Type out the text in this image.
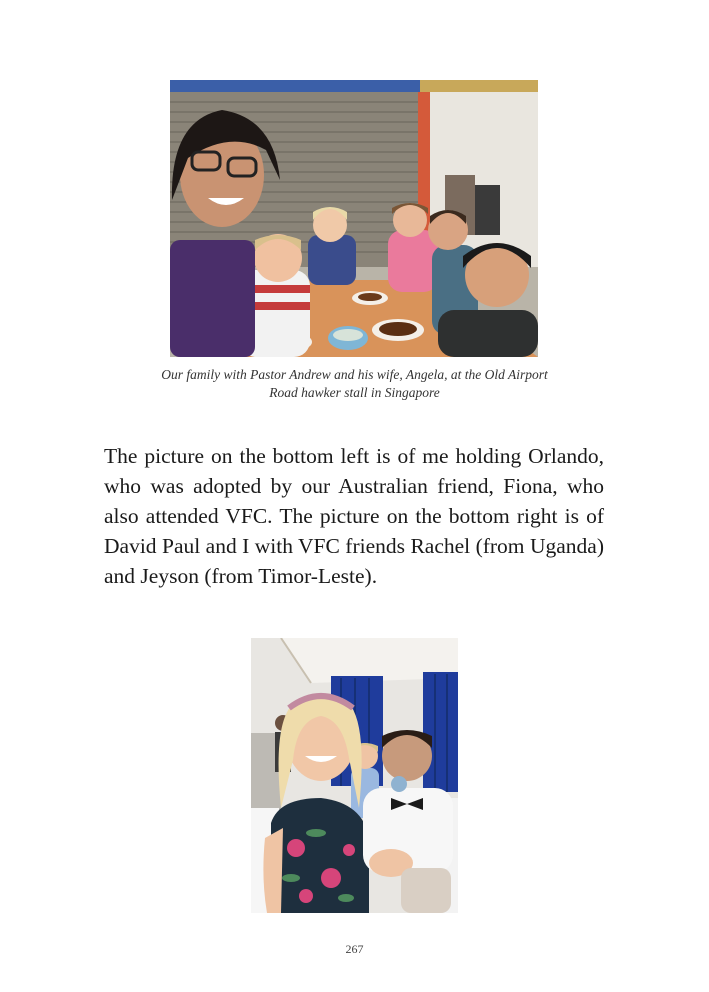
Our family with Pastor Andrew and his wife, Angela, at the Old Airport Road hawker stall in Singapore

The picture on the bottom left is of me holding Orlando, who was adopted by our Australian friend, Fiona, who also attended VFC. The picture on the bottom right is of David Paul and I with VFC friends Rachel (from Uganda) and Jeyson (from Timor-Leste).

267
